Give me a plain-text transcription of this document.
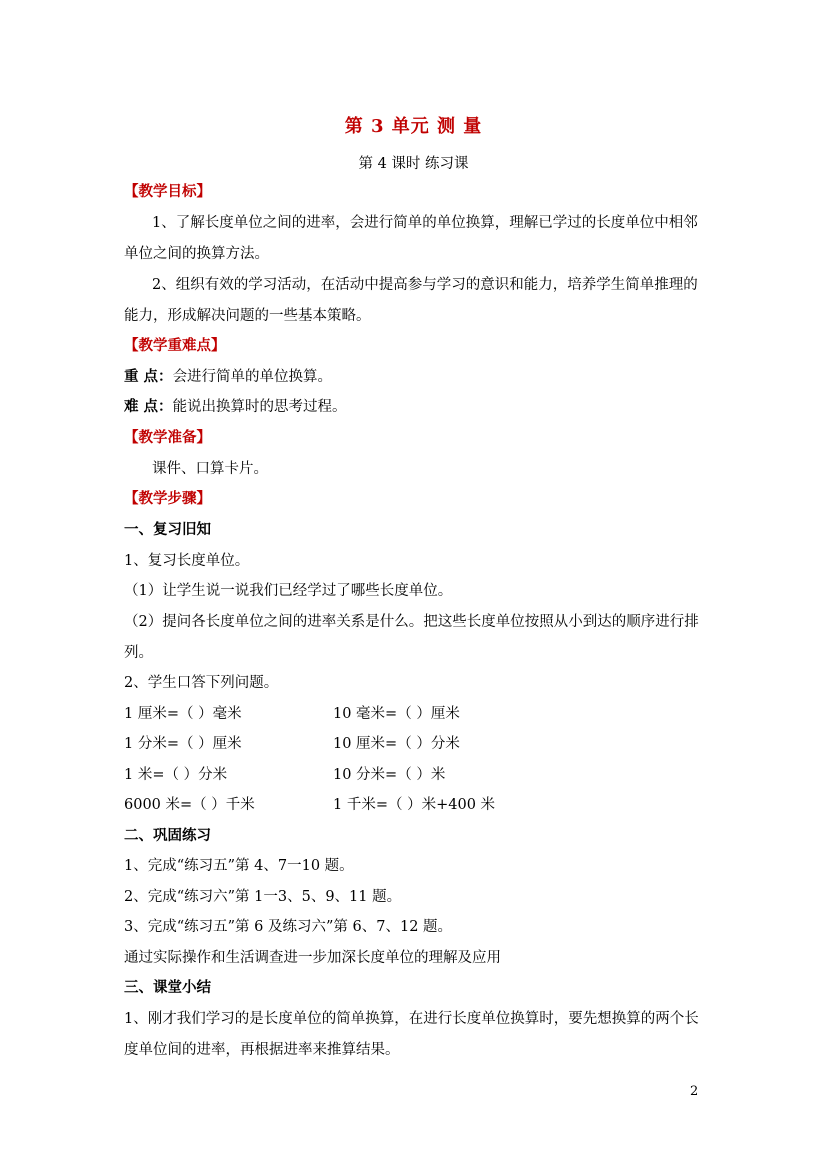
第 3 单元 测 量
第 4 课时 练习课
【教学目标】
1、了解长度单位之间的进率，会进行简单的单位换算，理解已学过的长度单位中相邻
单位之间的换算方法。
2、组织有效的学习活动，在活动中提高参与学习的意识和能力，培养学生简单推理的
能力，形成解决问题的一些基本策略。
【教学重难点】
重 点：会进行简单的单位换算。
难 点：能说出换算时的思考过程。
【教学准备】
课件、口算卡片。
【教学步骤】
一、复习旧知
1、复习长度单位。
（1）让学生说一说我们已经学过了哪些长度单位。
（2）提问各长度单位之间的进率关系是什么。把这些长度单位按照从小到达的顺序进行排
列。
2、学生口答下列问题。
1 厘米=（ ）毫米	10 毫米=（ ）厘米
1 分米=（ ）厘米	10 厘米=（ ）分米
1 米=（ ）分米	10 分米=（ ）米
6000 米=（ ）千米	1 千米=（ ）米+400 米
二、巩固练习
1、完成“练习五”第 4、7一10 题。
2、完成“练习六”第 1一3、5、9、11 题。
3、完成“练习五”第 6 及练习六”第 6、7、12 题。
通过实际操作和生活调查进一步加深长度单位的理解及应用
三、课堂小结
1、刚才我们学习的是长度单位的简单换算，在进行长度单位换算时，要先想换算的两个长
度单位间的进率，再根据进率来推算结果。
2
